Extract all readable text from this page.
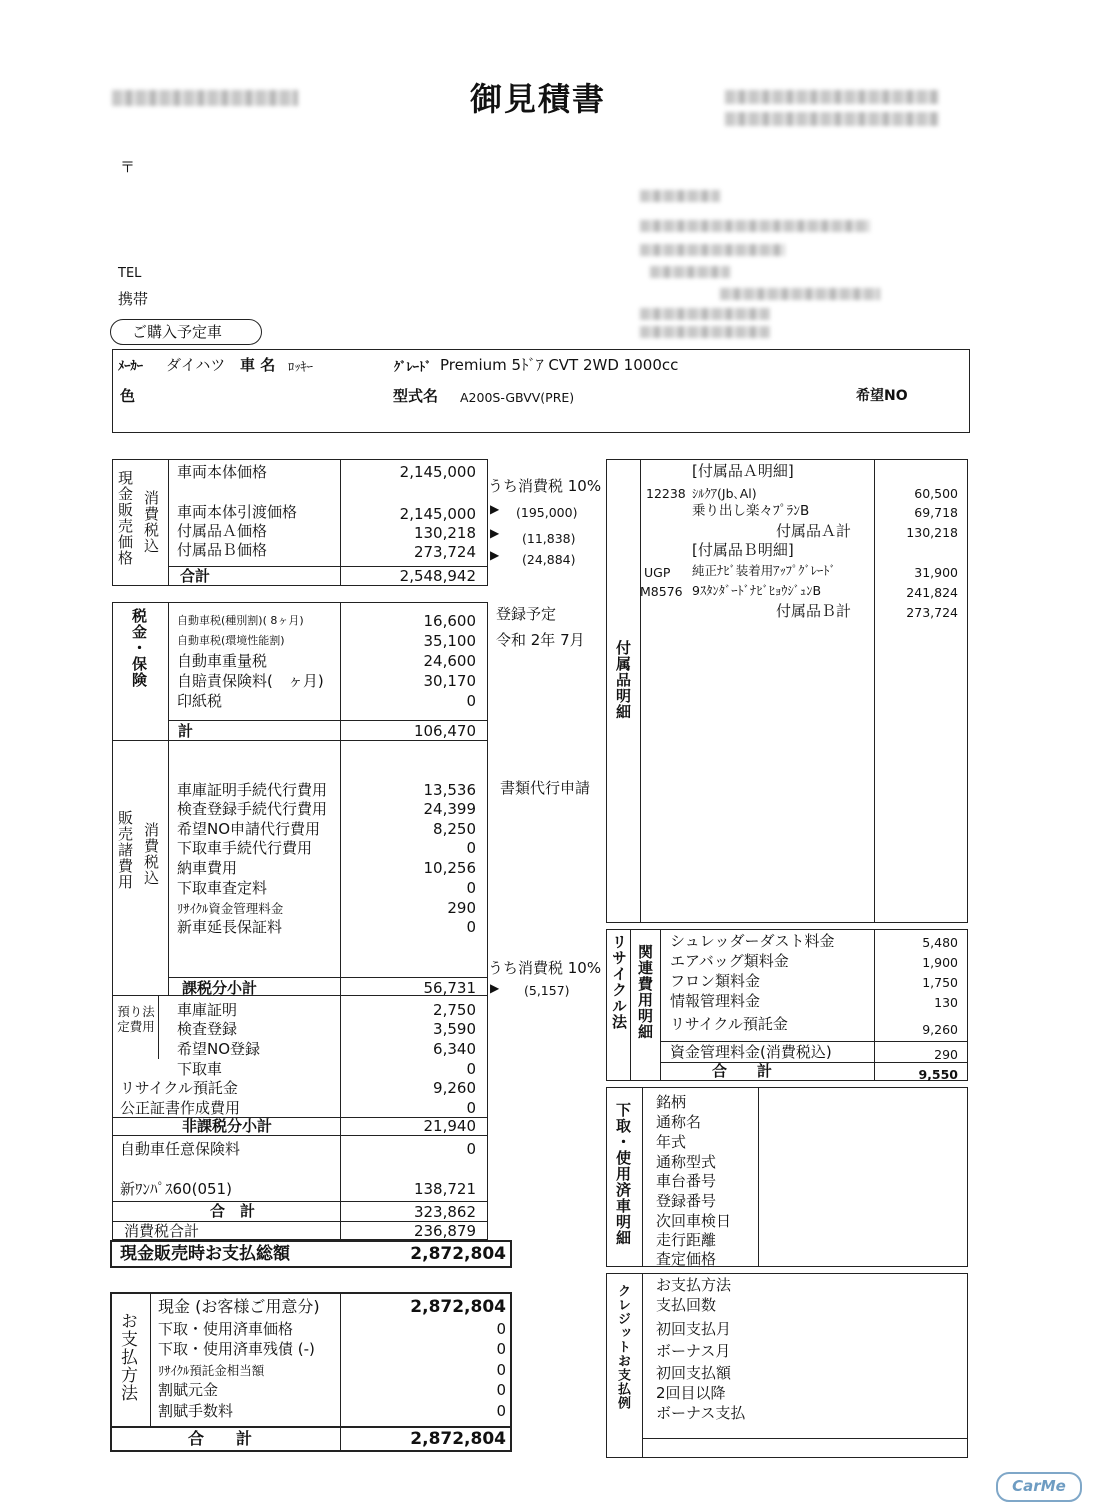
御見積書
〒
TEL
携帯
ご購入予定車
ﾒｰｶｰ ダイハツ 車 名 ﾛｯｷｰ	ｸﾞﾚｰﾄﾞ Premium 5ﾄﾞｱ CVT 2WD 1000cc
色	型式名 A200S-GBVV(PRE)	希望NO
現金販売価格 消費税込
車両本体価格	2,145,000
車両本体引渡価格	2,145,000
付属品Ａ価格	130,218
付属品Ｂ価格	273,724
合計	2,548,942
うち消費税 10%
▶ (195,000)
▶ (11,838)
▶ (24,884)
税金・保険	自動車税(種別割)( 8ヶ月)	16,600
自動車税(環境性能割)	35,100
自動車重量税	24,600
自賠責保険料(　ヶ月)	30,170
印紙税	0
計	106,470
登録予定
令和 2年 7月
販売諸費用 消費税込
車庫証明手続代行費用	13,536
検査登録手続代行費用	24,399
希望NO申請代行費用	8,250
下取車手続代行費用	0
納車費用	10,256
下取車査定料	0
ﾘｻｲｸﾙ資金管理料金	290
新車延長保証料	0
書類代行申請
課税分小計	56,731
うち消費税 10%
▶ (5,157)
預り法定費用
車庫証明	2,750
検査登録	3,590
希望NO登録	6,340
下取車	0
リサイクル預託金	9,260
公正証書作成費用	0
非課税分小計	21,940
自動車任意保険料	0
新ﾜﾝﾊﾟｽ60(051)	138,721
合　計	323,862
消費税合計	236,879
現金販売時お支払総額	2,872,804
お支払方法
現金 (お客様ご用意分)	2,872,804
下取・使用済車価格	0
下取・使用済車残債 (-)	0
ﾘｻｲｸﾙ預託金相当額	0
割賦元金	0
割賦手数料	0
合　　計	2,872,804
付属品明細
[付属品Ａ明細]
12238 ｼﾙｸｱ(Jb､Al)	60,500
乗り出し楽々ﾌﾟﾗﾝB	69,718
付属品Ａ計	130,218
[付属品Ｂ明細]
UGP 純正ﾅﾋﾞ装着用ｱｯﾌﾟｸﾞﾚｰﾄﾞ	31,900
M8576 9ｽﾀﾝﾀﾞｰﾄﾞﾅﾋﾞﾋｮｳｼﾞｭﾝB	241,824
付属品Ｂ計	273,724
リサイクル法 関連費用明細
シュレッダーダスト料金	5,480
エアバッグ類料金	1,900
フロン類料金	1,750
情報管理料金	130
リサイクル預託金	9,260
資金管理料金(消費税込)	290
合　　計	9,550
下取・使用済車明細 銘柄
通称名
年式
通称型式
車台番号
登録番号
次回車検日
走行距離
査定価格
クレジットお支払例 お支払方法
支払回数
初回支払月
ボーナス月
初回支払額
2回目以降
ボーナス支払
CarMe
